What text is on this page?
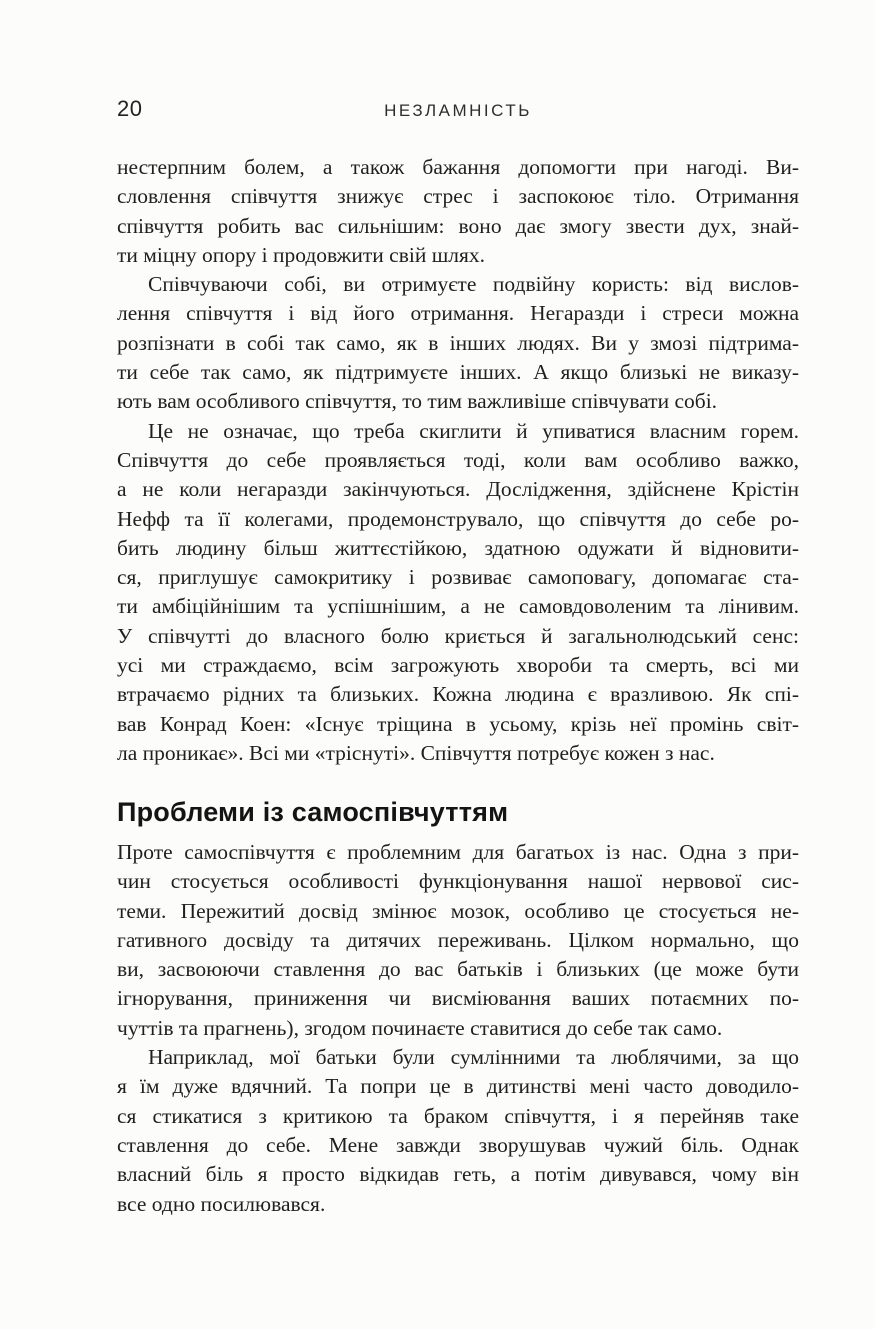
20	НЕЗЛАМНІСТЬ
нестерпним болем, а також бажання допомогти при нагоді. Ви-
словлення співчуття знижує стрес і заспокоює тіло. Отримання
співчуття робить вас сильнішим: воно дає змогу звести дух, знай-
ти міцну опору і продовжити свій шлях.
Співчуваючи собі, ви отримуєте подвійну користь: від вислов-
лення співчуття і від його отримання. Негаразди і стреси можна
розпізнати в собі так само, як в інших людях. Ви у змозі підтрима-
ти себе так само, як підтримуєте інших. А якщо близькі не виказу-
ють вам особливого співчуття, то тим важливіше співчувати собі.
Це не означає, що треба скиглити й упиватися власним горем.
Співчуття до себе проявляється тоді, коли вам особливо важко,
а не коли негаразди закінчуються. Дослідження, здійснене Крістін
Нефф та її колегами, продемонструвало, що співчуття до себе ро-
бить людину більш життєстійкою, здатною одужати й відновити-
ся, приглушує самокритику і розвиває самоповагу, допомагає ста-
ти амбіційнішим та успішнішим, а не самовдоволеним та лінивим.
У співчутті до власного болю криється й загальнолюдський сенс:
усі ми страждаємо, всім загрожують хвороби та смерть, всі ми
втрачаємо рідних та близьких. Кожна людина є вразливою. Як спі-
вав Конрад Коен: «Існує тріщина в усьому, крізь неї промінь світ-
ла проникає». Всі ми «тріснуті». Співчуття потребує кожен з нас.
Проблеми із самоспівчуттям
Проте самоспівчуття є проблемним для багатьох із нас. Одна з при-
чин стосується особливості функціонування нашої нервової сис-
теми. Пережитий досвід змінює мозок, особливо це стосується не-
гативного досвіду та дитячих переживань. Цілком нормально, що
ви, засвоюючи ставлення до вас батьків і близьких (це може бути
ігнорування, приниження чи висміювання ваших потаємних по-
чуттів та прагнень), згодом починаєте ставитися до себе так само.
Наприклад, мої батьки були сумлінними та люблячими, за що
я їм дуже вдячний. Та попри це в дитинстві мені часто доводило-
ся стикатися з критикою та браком співчуття, і я перейняв таке
ставлення до себе. Мене завжди зворушував чужий біль. Однак
власний біль я просто відкидав геть, а потім дивувався, чому він
все одно посилювався.
